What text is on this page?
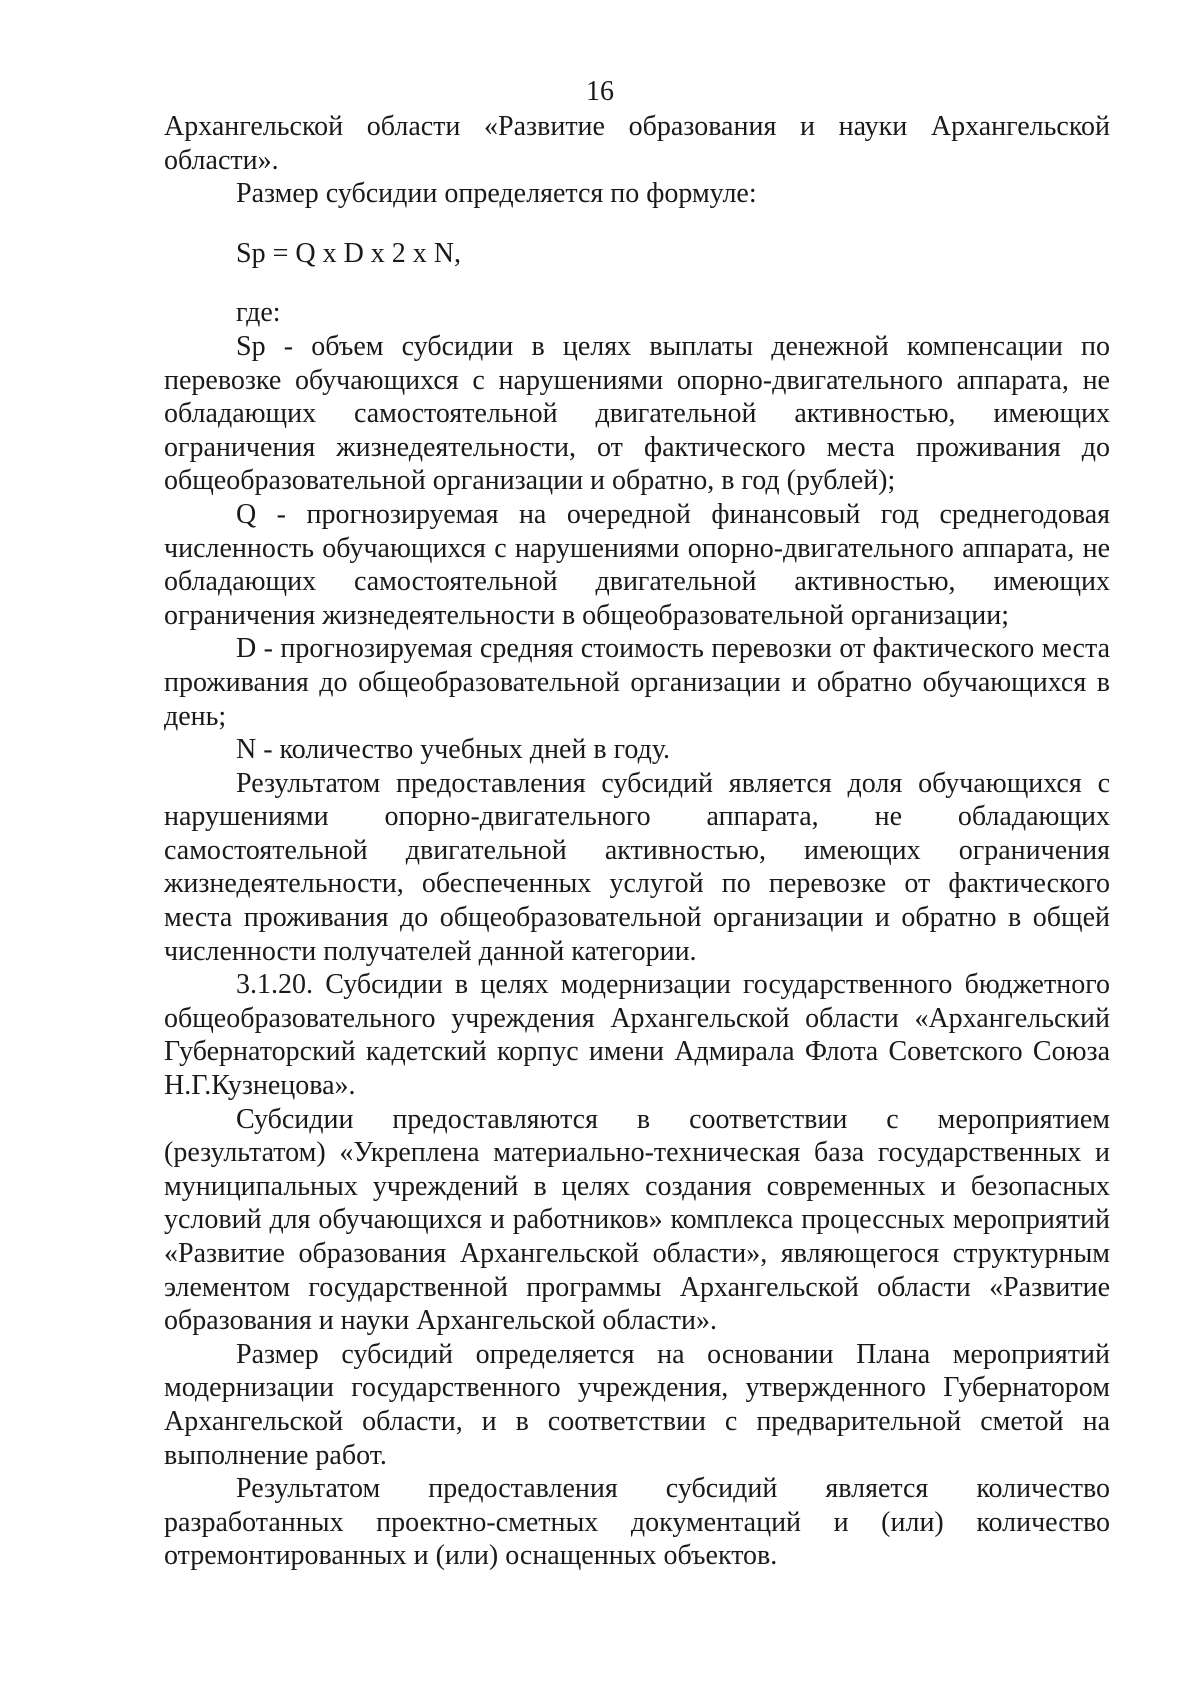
16

Архангельской области «Развитие образования и науки Архангельской области».

Размер субсидии определяется по формуле:

Sp = Q x D x 2 x N,

где:

Sp - объем субсидии в целях выплаты денежной компенсации по перевозке обучающихся с нарушениями опорно-двигательного аппарата, не обладающих самостоятельной двигательной активностью, имеющих ограничения жизнедеятельности, от фактического места проживания до общеобразовательной организации и обратно, в год (рублей);

Q - прогнозируемая на очередной финансовый год среднегодовая численность обучающихся с нарушениями опорно-двигательного аппарата, не обладающих самостоятельной двигательной активностью, имеющих ограничения жизнедеятельности в общеобразовательной организации;

D - прогнозируемая средняя стоимость перевозки от фактического места проживания до общеобразовательной организации и обратно обучающихся в день;

N - количество учебных дней в году.

Результатом предоставления субсидий является доля обучающихся с нарушениями опорно-двигательного аппарата, не обладающих самостоятельной двигательной активностью, имеющих ограничения жизнедеятельности, обеспеченных услугой по перевозке от фактического места проживания до общеобразовательной организации и обратно в общей численности получателей данной категории.

3.1.20. Субсидии в целях модернизации государственного бюджетного общеобразовательного учреждения Архангельской области «Архангельский Губернаторский кадетский корпус имени Адмирала Флота Советского Союза Н.Г.Кузнецова».

Субсидии предоставляются в соответствии с мероприятием (результатом) «Укреплена материально-техническая база государственных и муниципальных учреждений в целях создания современных и безопасных условий для обучающихся и работников» комплекса процессных мероприятий «Развитие образования Архангельской области», являющегося структурным элементом государственной программы Архангельской области «Развитие образования и науки Архангельской области».

Размер субсидий определяется на основании Плана мероприятий модернизации государственного учреждения, утвержденного Губернатором Архангельской области, и в соответствии с предварительной сметой на выполнение работ.

Результатом предоставления субсидий является количество разработанных проектно-сметных документаций и (или) количество отремонтированных и (или) оснащенных объектов.
